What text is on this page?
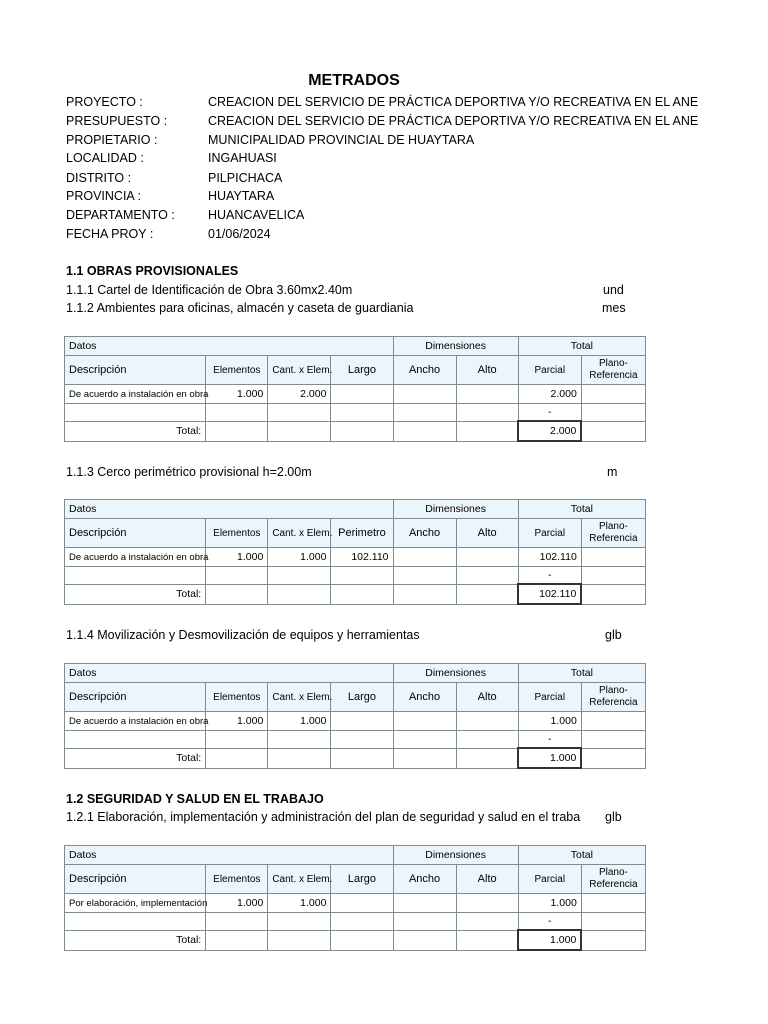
METRADOS
PROYECTO :	CREACION DEL SERVICIO DE PRÁCTICA DEPORTIVA Y/O RECREATIVA EN EL ANE
PRESUPUESTO :	CREACION DEL SERVICIO DE PRÁCTICA DEPORTIVA Y/O RECREATIVA EN EL ANE
PROPIETARIO :	MUNICIPALIDAD PROVINCIAL DE HUAYTARA
LOCALIDAD :	INGAHUASI
DISTRITO :	PILPICHACA
PROVINCIA :	HUAYTARA
DEPARTAMENTO :	HUANCAVELICA
FECHA PROY :	01/06/2024
1.1 OBRAS PROVISIONALES
1.1.1 Cartel de Identificación de Obra 3.60mx2.40m	und
1.1.2 Ambientes para oficinas, almacén y caseta de guardiania	mes
Datos				Dimensiones		Total	
Descripción	Elementos	Cant. x Elem.	Largo	Ancho	Alto	Parcial	Plano-
Referencia

De acuerdo a instalación en obra	1.000	2.000				2.000	
						-	
Total:						2.000	
1.1.3 Cerco perimétrico provisional h=2.00m	m
Datos				Dimensiones		Total	
Descripción	Elementos	Cant. x Elem.	Perimetro	Ancho	Alto	Parcial	Plano-
Referencia

De acuerdo a instalación en obra	1.000	1.000	102.110			102.110	
						-	
Total:						102.110	
1.1.4 Movilización y Desmovilización de equipos y herramientas	glb
Datos				Dimensiones		Total	
Descripción	Elementos	Cant. x Elem.	Largo	Ancho	Alto	Parcial	Plano-
Referencia

De acuerdo a instalación en obra	1.000	1.000				1.000	
						-	
Total:						1.000	
1.2 SEGURIDAD Y SALUD EN EL TRABAJO
1.2.1 Elaboración, implementación y administración del plan de seguridad y salud en el traba glb
Datos				Dimensiones		Total	
Descripción	Elementos	Cant. x Elem.	Largo	Ancho	Alto	Parcial	Plano-
Referencia

Por elaboración, implementación	1.000	1.000				1.000	
						-	
Total:						1.000	
